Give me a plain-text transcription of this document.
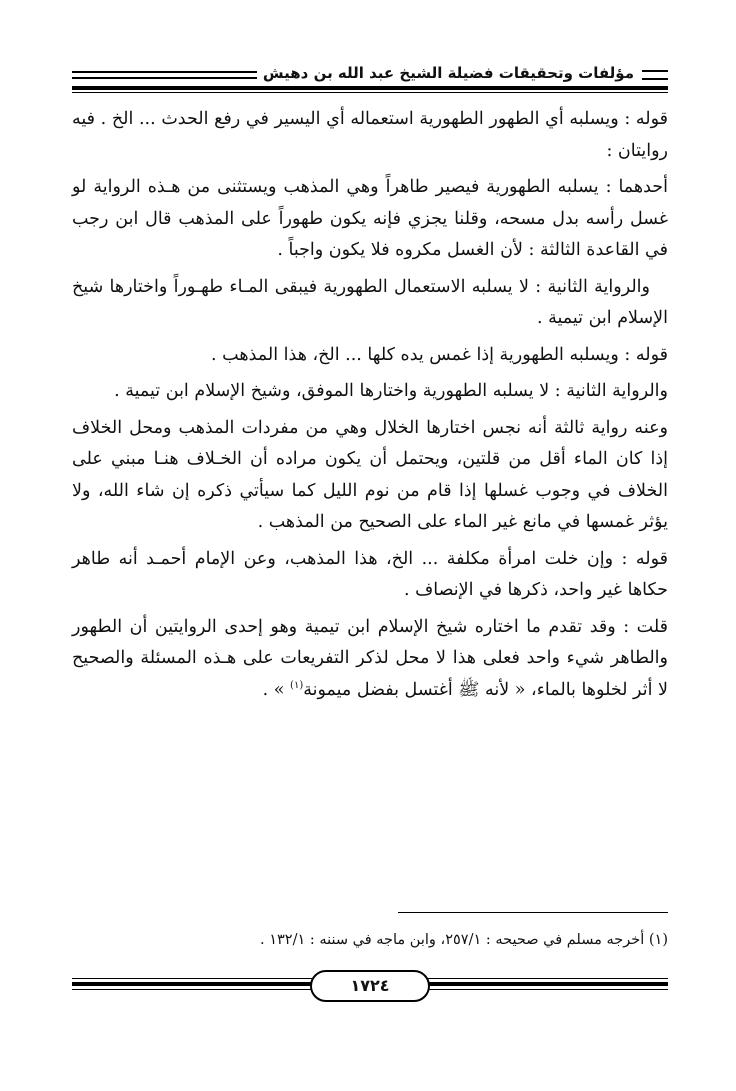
مؤلفات وتحقيقات فضيلة الشيخ عبد الله بن دهيش

قوله : ويسلبه أي الطهور الطهورية استعماله أي اليسير في رفع الحدث ... الخ . فيه روايتان :

أحدهما : يسلبه الطهورية فيصير طاهراً وهي المذهب ويستثنى من هـذه الرواية لو غسل رأسه بدل مسحه، وقلنا يجزي فإنه يكون طهوراً على المذهب قال ابن رجب في القاعدة الثالثة : لأن الغسل مكروه فلا يكون واجباً .

والرواية الثانية : لا يسلبه الاستعمال الطهورية فيبقى المـاء طهـوراً واختارها شيخ الإسلام ابن تيمية .

قوله : ويسلبه الطهورية إذا غمس يده كلها ... الخ، هذا المذهب .

والرواية الثانية : لا يسلبه الطهورية واختارها الموفق، وشيخ الإسلام ابن تيمية .

وعنه رواية ثالثة أنه نجس اختارها الخلال وهي من مفردات المذهب ومحل الخلاف إذا كان الماء أقل من قلتين، ويحتمل أن يكون مراده أن الخـلاف هنـا مبني على الخلاف في وجوب غسلها إذا قام من نوم الليل كما سيأتي ذكره إن شاء الله، ولا يؤثر غمسها في مانع غير الماء على الصحيح من المذهب .

قوله : وإن خلت امرأة مكلفة ... الخ، هذا المذهب، وعن الإمام أحمـد أنه طاهر حكاها غير واحد، ذكرها في الإنصاف .

قلت : وقد تقدم ما اختاره شيخ الإسلام ابن تيمية وهو إحدى الروايتين أن الطهور والطاهر شيء واحد فعلى هذا لا محل لذكر التفريعات على هـذه المسئلة والصحيح لا أثر لخلوها بالماء، « لأنه ﷺ أغتسل بفضل ميمونة$^{(١)}$ » .

(١) أخرجه مسلم في صحيحه : ٢٥٧/١، وابن ماجه في سننه : ١٣٢/١ .
١٧٢٤
